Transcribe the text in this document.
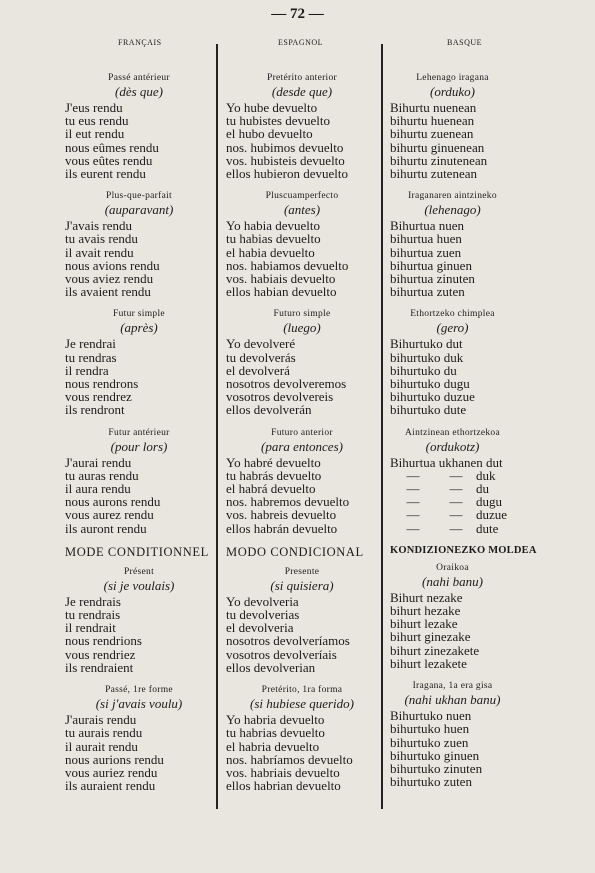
— 72 —
FRANÇAIS	ESPAGNOL	BASQUE
Passé antérieur
(dès que)
J'eus rendu
tu eus rendu
il eut rendu
nous eûmes rendu
vous eûtes rendu
ils eurent rendu
Plus-que-parfait
(auparavant)
J'avais rendu
tu avais rendu
il avait rendu
nous avions rendu
vous aviez rendu
ils avaient rendu
Futur simple
(après)
Je rendrai
tu rendras
il rendra
nous rendrons
vous rendrez
ils rendront
Futur antérieur
(pour lors)
J'aurai rendu
tu auras rendu
il aura rendu
nous aurons rendu
vous aurez rendu
ils auront rendu
MODE CONDITIONNEL
Présent
(si je voulais)
Je rendrais
tu rendrais
il rendrait
nous rendrions
vous rendriez
ils rendraient
Passé, 1re forme
(si j'avais voulu)
J'aurais rendu
tu aurais rendu
il aurait rendu
nous aurions rendu
vous auriez rendu
ils auraient rendu
Pretérito anterior
(desde que)
Yo hube devuelto
tu hubistes devuelto
el hubo devuelto
nos. hubimos devuelto
vos. hubisteis devuelto
ellos hubieron devuelto
Pluscuamperfecto
(antes)
Yo habia devuelto
tu habias devuelto
el habia devuelto
nos. habiamos devuelto
vos. habiais devuelto
ellos habian devuelto
Futuro simple
(luego)
Yo devolveré
tu devolverás
el devolverá
nosotros devolveremos
vosotros devolvereis
ellos devolverán
Futuro anterior
(para entonces)
Yo habré devuelto
tu habrás devuelto
el habrá devuelto
nos. habremos devuelto
vos. habreis devuelto
ellos habrán devuelto
MODO CONDICIONAL
Presente
(si quisiera)
Yo devolveria
tu devolverias
el devolveria
nosotros devolveríamos
vosotros devolveríais
ellos devolverian
Pretérito, 1ra forma
(si hubiese querido)
Yo habria devuelto
tu habrias devuelto
el habria devuelto
nos. habríamos devuelto
vos. habriais devuelto
ellos habrian devuelto
Lehenago iragana
(orduko)
Bihurtu nuenean
bihurtu huenean
bihurtu zuenean
bihurtu ginuenean
bihurtu zinutenean
bihurtu zutenean
Iraganaren aintzineko
(lehenago)
Bihurtua nuen
bihurtua huen
bihurtua zuen
bihurtua ginuen
bihurtua zinuten
bihurtua zuten
Ethortzeko chimplea
(gero)
Bihurtuko dut
bihurtuko duk
bihurtuko du
bihurtuko dugu
bihurtuko duzue
bihurtuko dute
Aintzinean ethortzekoa
(ordukotz)
Bihurtua ukhanen dut
—	—	duk
—	—	du
—	—	dugu
—	—	duzue
—	—	dute
KONDIZIONEZKO MOLDEA
Oraikoa
(nahi banu)
Bihurt nezake
bihurt hezake
bihurt lezake
bihurt ginezake
bihurt zinezakete
bihurt lezakete
Iragana, 1a era gisa
(nahi ukhan banu)
Bihurtuko nuen
bihurtuko huen
bihurtuko zuen
bihurtuko ginuen
bihurtuko zinuten
bihurtuko zuten
